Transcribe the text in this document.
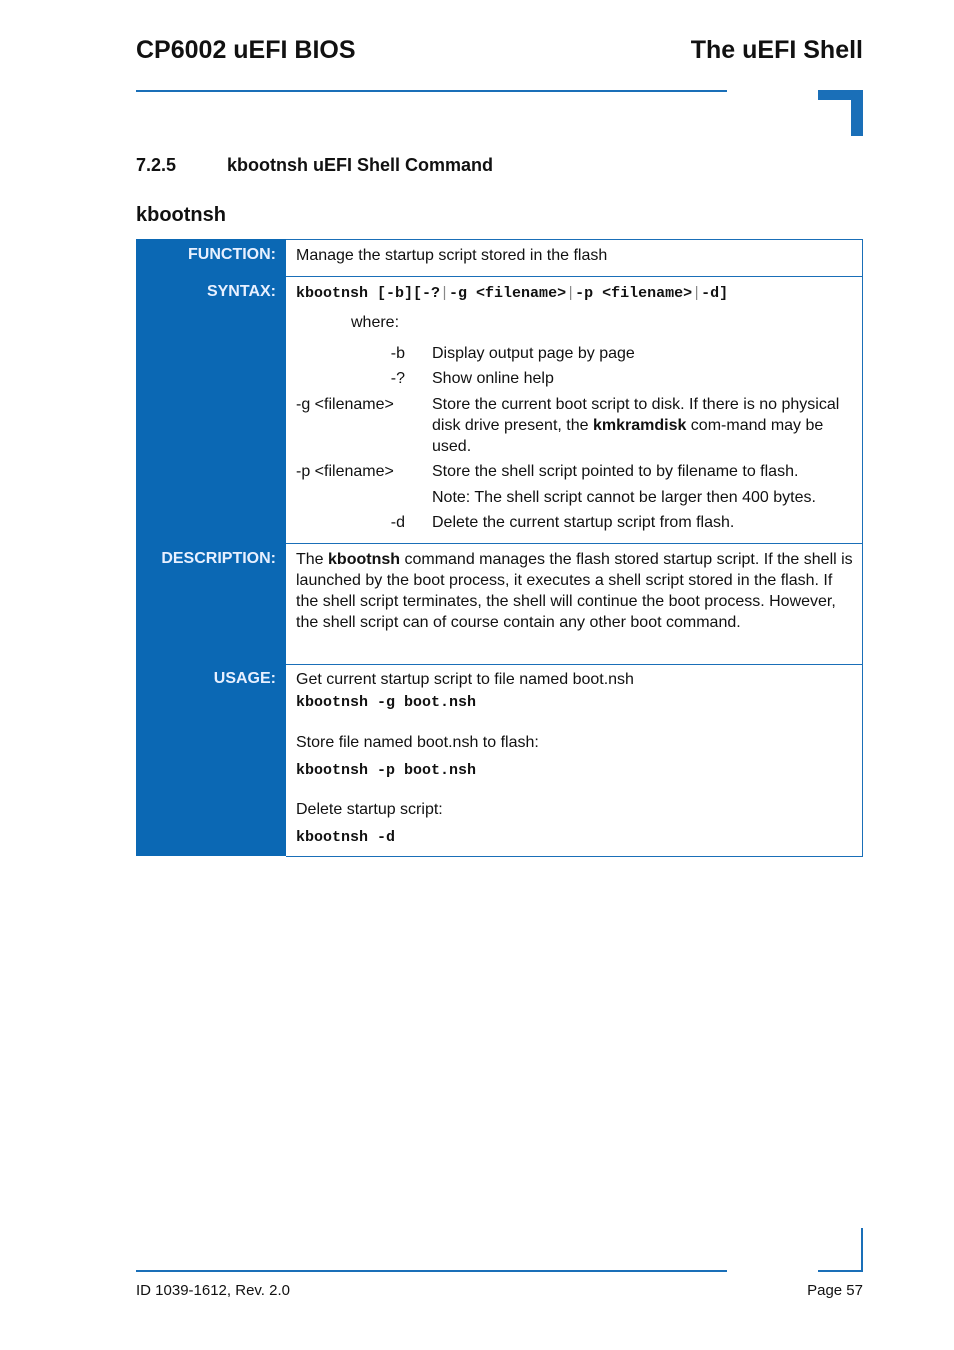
CP6002 uEFI BIOS	The uEFI Shell
7.2.5	kbootnsh uEFI Shell Command
kbootnsh
FUNCTION: Manage the startup script stored in the flash
SYNTAX: kbootnsh [-b][-?|-g <filename>|-p <filename>|-d]
where:
-b Display output page by page
-? Show online help
-g <filename> Store the current boot script to disk. If there is no physical disk drive present, the kmkramdisk com-mand may be used.
-p <filename> Store the shell script pointed to by filename to flash.
Note: The shell script cannot be larger then 400 bytes.
-d Delete the current startup script from flash.
DESCRIPTION: The kbootnsh command manages the flash stored startup script. If the shell is launched by the boot process, it executes a shell script stored in the flash. If the shell script terminates, the shell will continue the boot process. However, the shell script can of course contain any other boot command.
USAGE: Get current startup script to file named boot.nsh
kbootnsh -g boot.nsh
Store file named boot.nsh to flash:
kbootnsh -p boot.nsh
Delete startup script:
kbootnsh -d
ID 1039-1612, Rev. 2.0	Page 57
